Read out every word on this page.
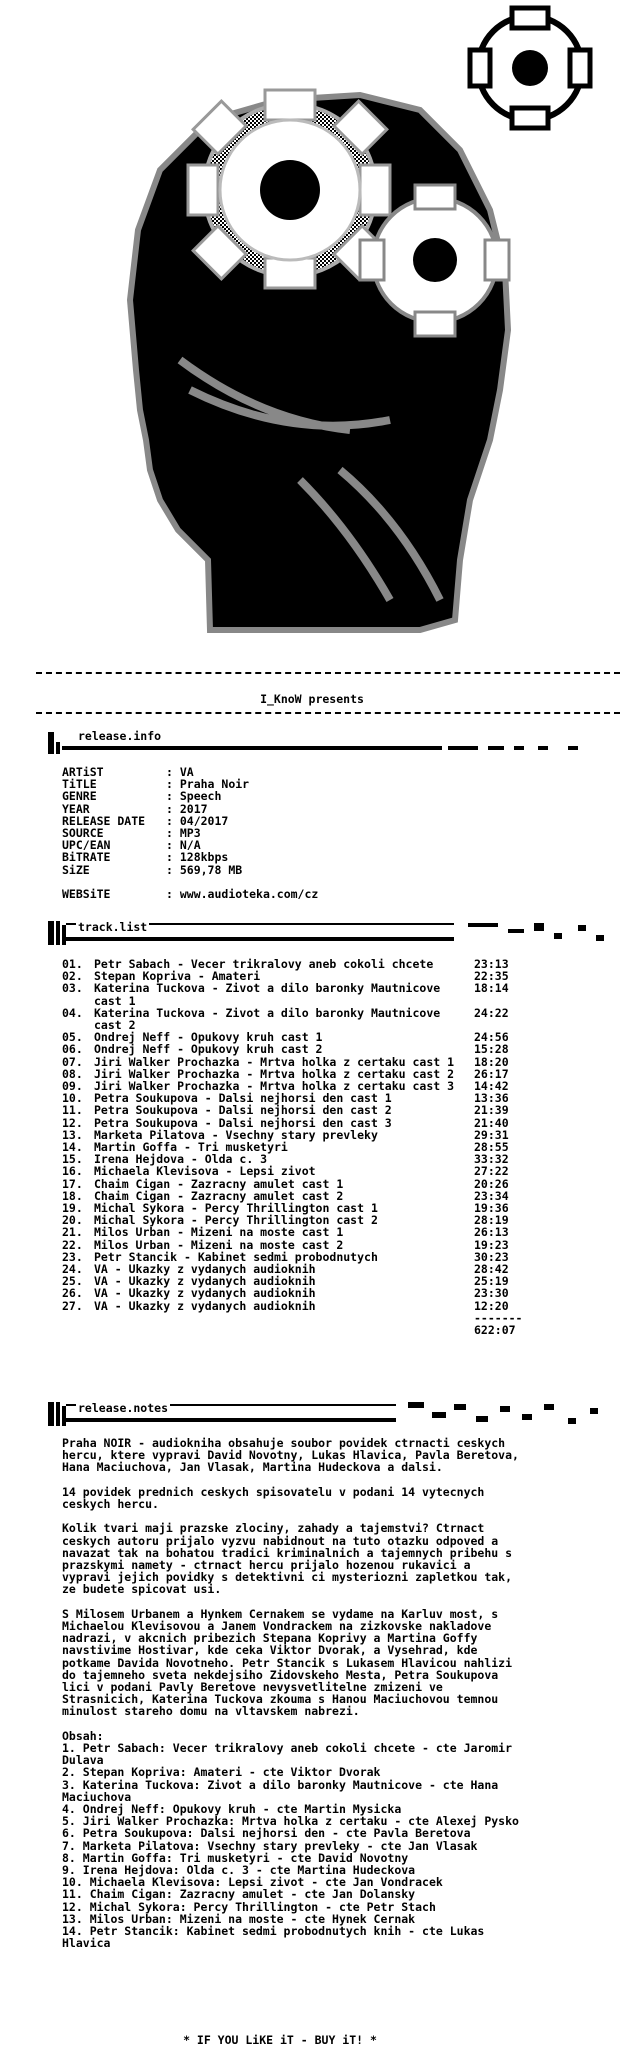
I_KnoW presents
release.info
ARTiST	: VA
TiTLE	: Praha Noir
GENRE	: Speech
YEAR	: 2017
RELEASE DATE : 04/2017
SOURCE	: MP3
UPC/EAN	: N/A
BiTRATE	: 128kbps
SiZE	: 569,78 MB
WEBSiTE	: www.audioteka.com/cz
track.list
01. Petr Sabach - Vecer trikralovy aneb cokoli chcete	23:13
02. Stepan Kopriva - Amateri	22:35
03. Katerina Tuckova - Zivot a dilo baronky Mautnicove cast 1
18:14
04. Katerina Tuckova - Zivot a dilo baronky Mautnicove cast 2
24:22
05. Ondrej Neff - Opukovy kruh cast 1	24:56
06. Ondrej Neff - Opukovy kruh cast 2	15:28
07. Jiri Walker Prochazka - Mrtva holka z certaku cast 1	18:20
08. Jiri Walker Prochazka - Mrtva holka z certaku cast 2	26:17
09. Jiri Walker Prochazka - Mrtva holka z certaku cast 3	14:42
10. Petra Soukupova - Dalsi nejhorsi den cast 1	13:36
11. Petra Soukupova - Dalsi nejhorsi den cast 2	21:39
12. Petra Soukupova - Dalsi nejhorsi den cast 3	21:40
13. Marketa Pilatova - Vsechny stary prevleky	29:31
14. Martin Goffa - Tri musketyri	28:55
15. Irena Hejdova - Olda c. 3	33:32
16. Michaela Klevisova - Lepsi zivot	27:22
17. Chaim Cigan - Zazracny amulet cast 1	20:26
18. Chaim Cigan - Zazracny amulet cast 2	23:34
19. Michal Sykora - Percy Thrillington cast 1	19:36
20. Michal Sykora - Percy Thrillington cast 2	28:19
21. Milos Urban - Mizeni na moste cast 1	26:13
22. Milos Urban - Mizeni na moste cast 2	19:23
23. Petr Stancik - Kabinet sedmi probodnutych	30:23
24. VA - Ukazky z vydanych audioknih	28:42
25. VA - Ukazky z vydanych audioknih	25:19
26. VA - Ukazky z vydanych audioknih	23:30
27. VA - Ukazky z vydanych audioknih	12:20
-------
622:07
release.notes

Praha NOIR - audiokniha obsahuje soubor povidek ctrnacti ceskych hercu, ktere vypravi David Novotny, Lukas Hlavica, Pavla Beretova, Hana Maciuchova, Jan Vlasak, Martina Hudeckova a dalsi.

14 povidek prednich ceskych spisovatelu v podani 14 vytecnych ceskych hercu.

Kolik tvari maji prazske zlociny, zahady a tajemstvi? Ctrnact ceskych autoru prijalo vyzvu nabidnout na tuto otazku odpoved a navazat tak na bohatou tradici kriminalnich a tajemnych pribehu s prazskymi namety - ctrnact hercu prijalo hozenou rukavici a vypravi jejich povidky s detektivni ci mysteriozni zapletkou tak, ze budete spicovat usi.

S Milosem Urbanem a Hynkem Cernakem se vydame na Karluv most, s Michaelou Klevisovou a Janem Vondrackem na zizkovske nakladove nadrazi, v akcnich pribezich Stepana Koprivy a Martina Goffy navstivime Hostivar, kde ceka Viktor Dvorak, a Vysehrad, kde potkame Davida Novotneho. Petr Stancik s Lukasem Hlavicou nahlizi do tajemneho sveta nekdejsiho Zidovskeho Mesta, Petra Soukupova lici v podani Pavly Beretove nevysvetlitelne zmizeni ve Strasnicich, Katerina Tuckova zkouma s Hanou Maciuchovou temnou minulost stareho domu na vltavskem nabrezi.

Obsah:
1. Petr Sabach: Vecer trikralovy aneb cokoli chcete - cte Jaromir Dulava
2. Stepan Kopriva: Amateri - cte Viktor Dvorak
3. Katerina Tuckova: Zivot a dilo baronky Mautnicove - cte Hana Maciuchova
4. Ondrej Neff: Opukovy kruh - cte Martin Mysicka
5. Jiri Walker Prochazka: Mrtva holka z certaku - cte Alexej Pysko
6. Petra Soukupova: Dalsi nejhorsi den - cte Pavla Beretova
7. Marketa Pilatova: Vsechny stary prevleky - cte Jan Vlasak
8. Martin Goffa: Tri musketyri - cte David Novotny
9. Irena Hejdova: Olda c. 3 - cte Martina Hudeckova
10. Michaela Klevisova: Lepsi zivot - cte Jan Vondracek
11. Chaim Cigan: Zazracny amulet - cte Jan Dolansky
12. Michal Sykora: Percy Thrillington - cte Petr Stach
13. Milos Urban: Mizeni na moste - cte Hynek Cernak
14. Petr Stancik: Kabinet sedmi probodnutych knih - cte Lukas Hlavica
* IF YOU LiKE iT - BUY iT! *
